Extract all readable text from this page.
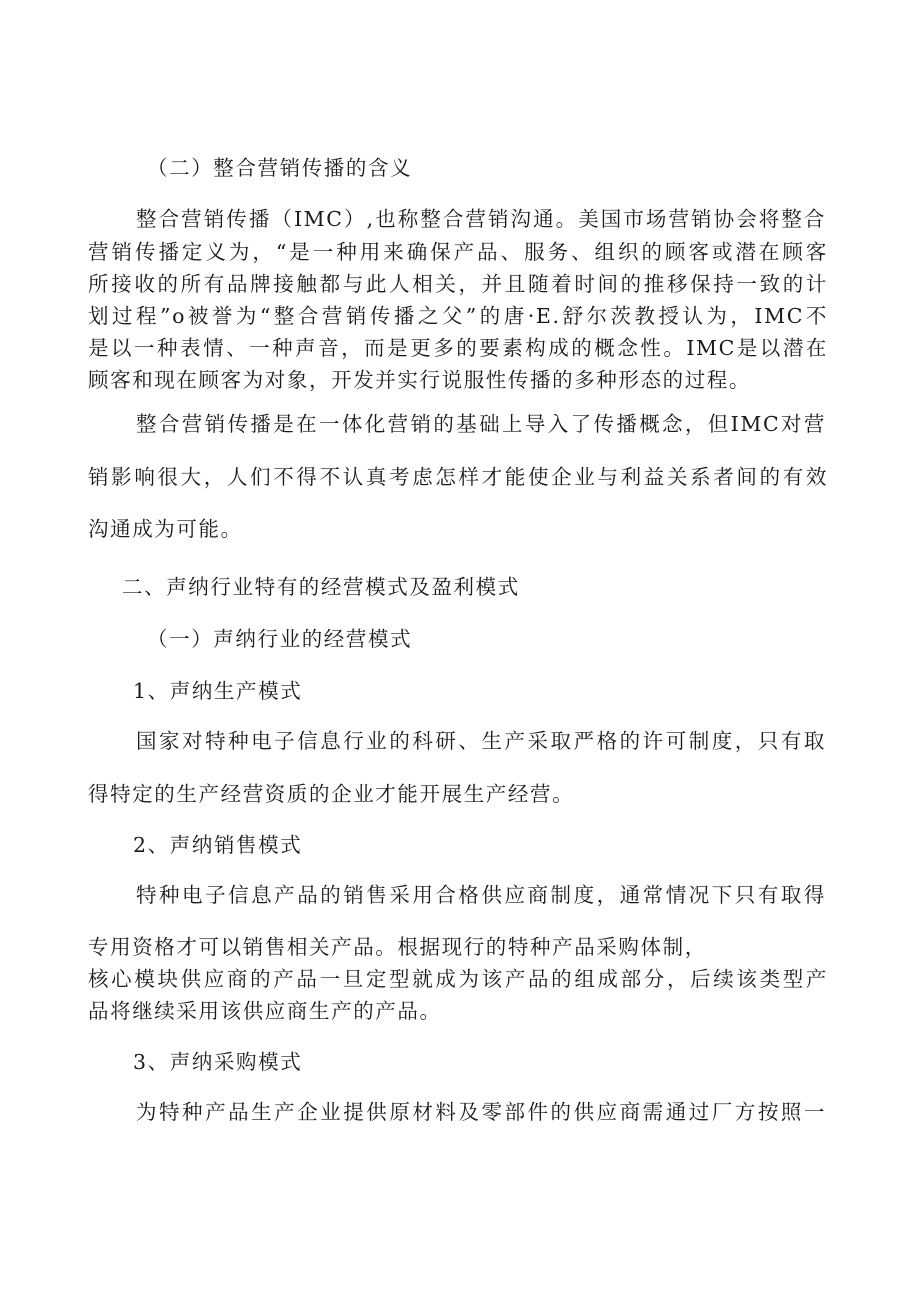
（二）整合营销传播的含义
整合营销传播（IMC）,也称整合营销沟通。美国市场营销协会将整合
营销传播定义为，“是一种用来确保产品、服务、组织的顾客或潜在顾客
所接收的所有品牌接触都与此人相关，并且随着时间的推移保持一致的计
划过程”o被誉为“整合营销传播之父”的唐·E.舒尔茨教授认为，IMC不
是以一种表情、一种声音，而是更多的要素构成的概念性。IMC是以潜在
顾客和现在顾客为对象，开发并实行说服性传播的多种形态的过程。
整合营销传播是在一体化营销的基础上导入了传播概念，但IMC对营
销影响很大，人们不得不认真考虑怎样才能使企业与利益关系者间的有效
沟通成为可能。
二、声纳行业特有的经营模式及盈利模式
（一）声纳行业的经营模式
1、声纳生产模式
国家对特种电子信息行业的科研、生产采取严格的许可制度，只有取
得特定的生产经营资质的企业才能开展生产经营。
2、声纳销售模式
特种电子信息产品的销售采用合格供应商制度，通常情况下只有取得
专用资格才可以销售相关产品。根据现行的特种产品采购体制，
核心模块供应商的产品一旦定型就成为该产品的组成部分，后续该类型产
品将继续采用该供应商生产的产品。
3、声纳采购模式
为特种产品生产企业提供原材料及零部件的供应商需通过厂方按照一
